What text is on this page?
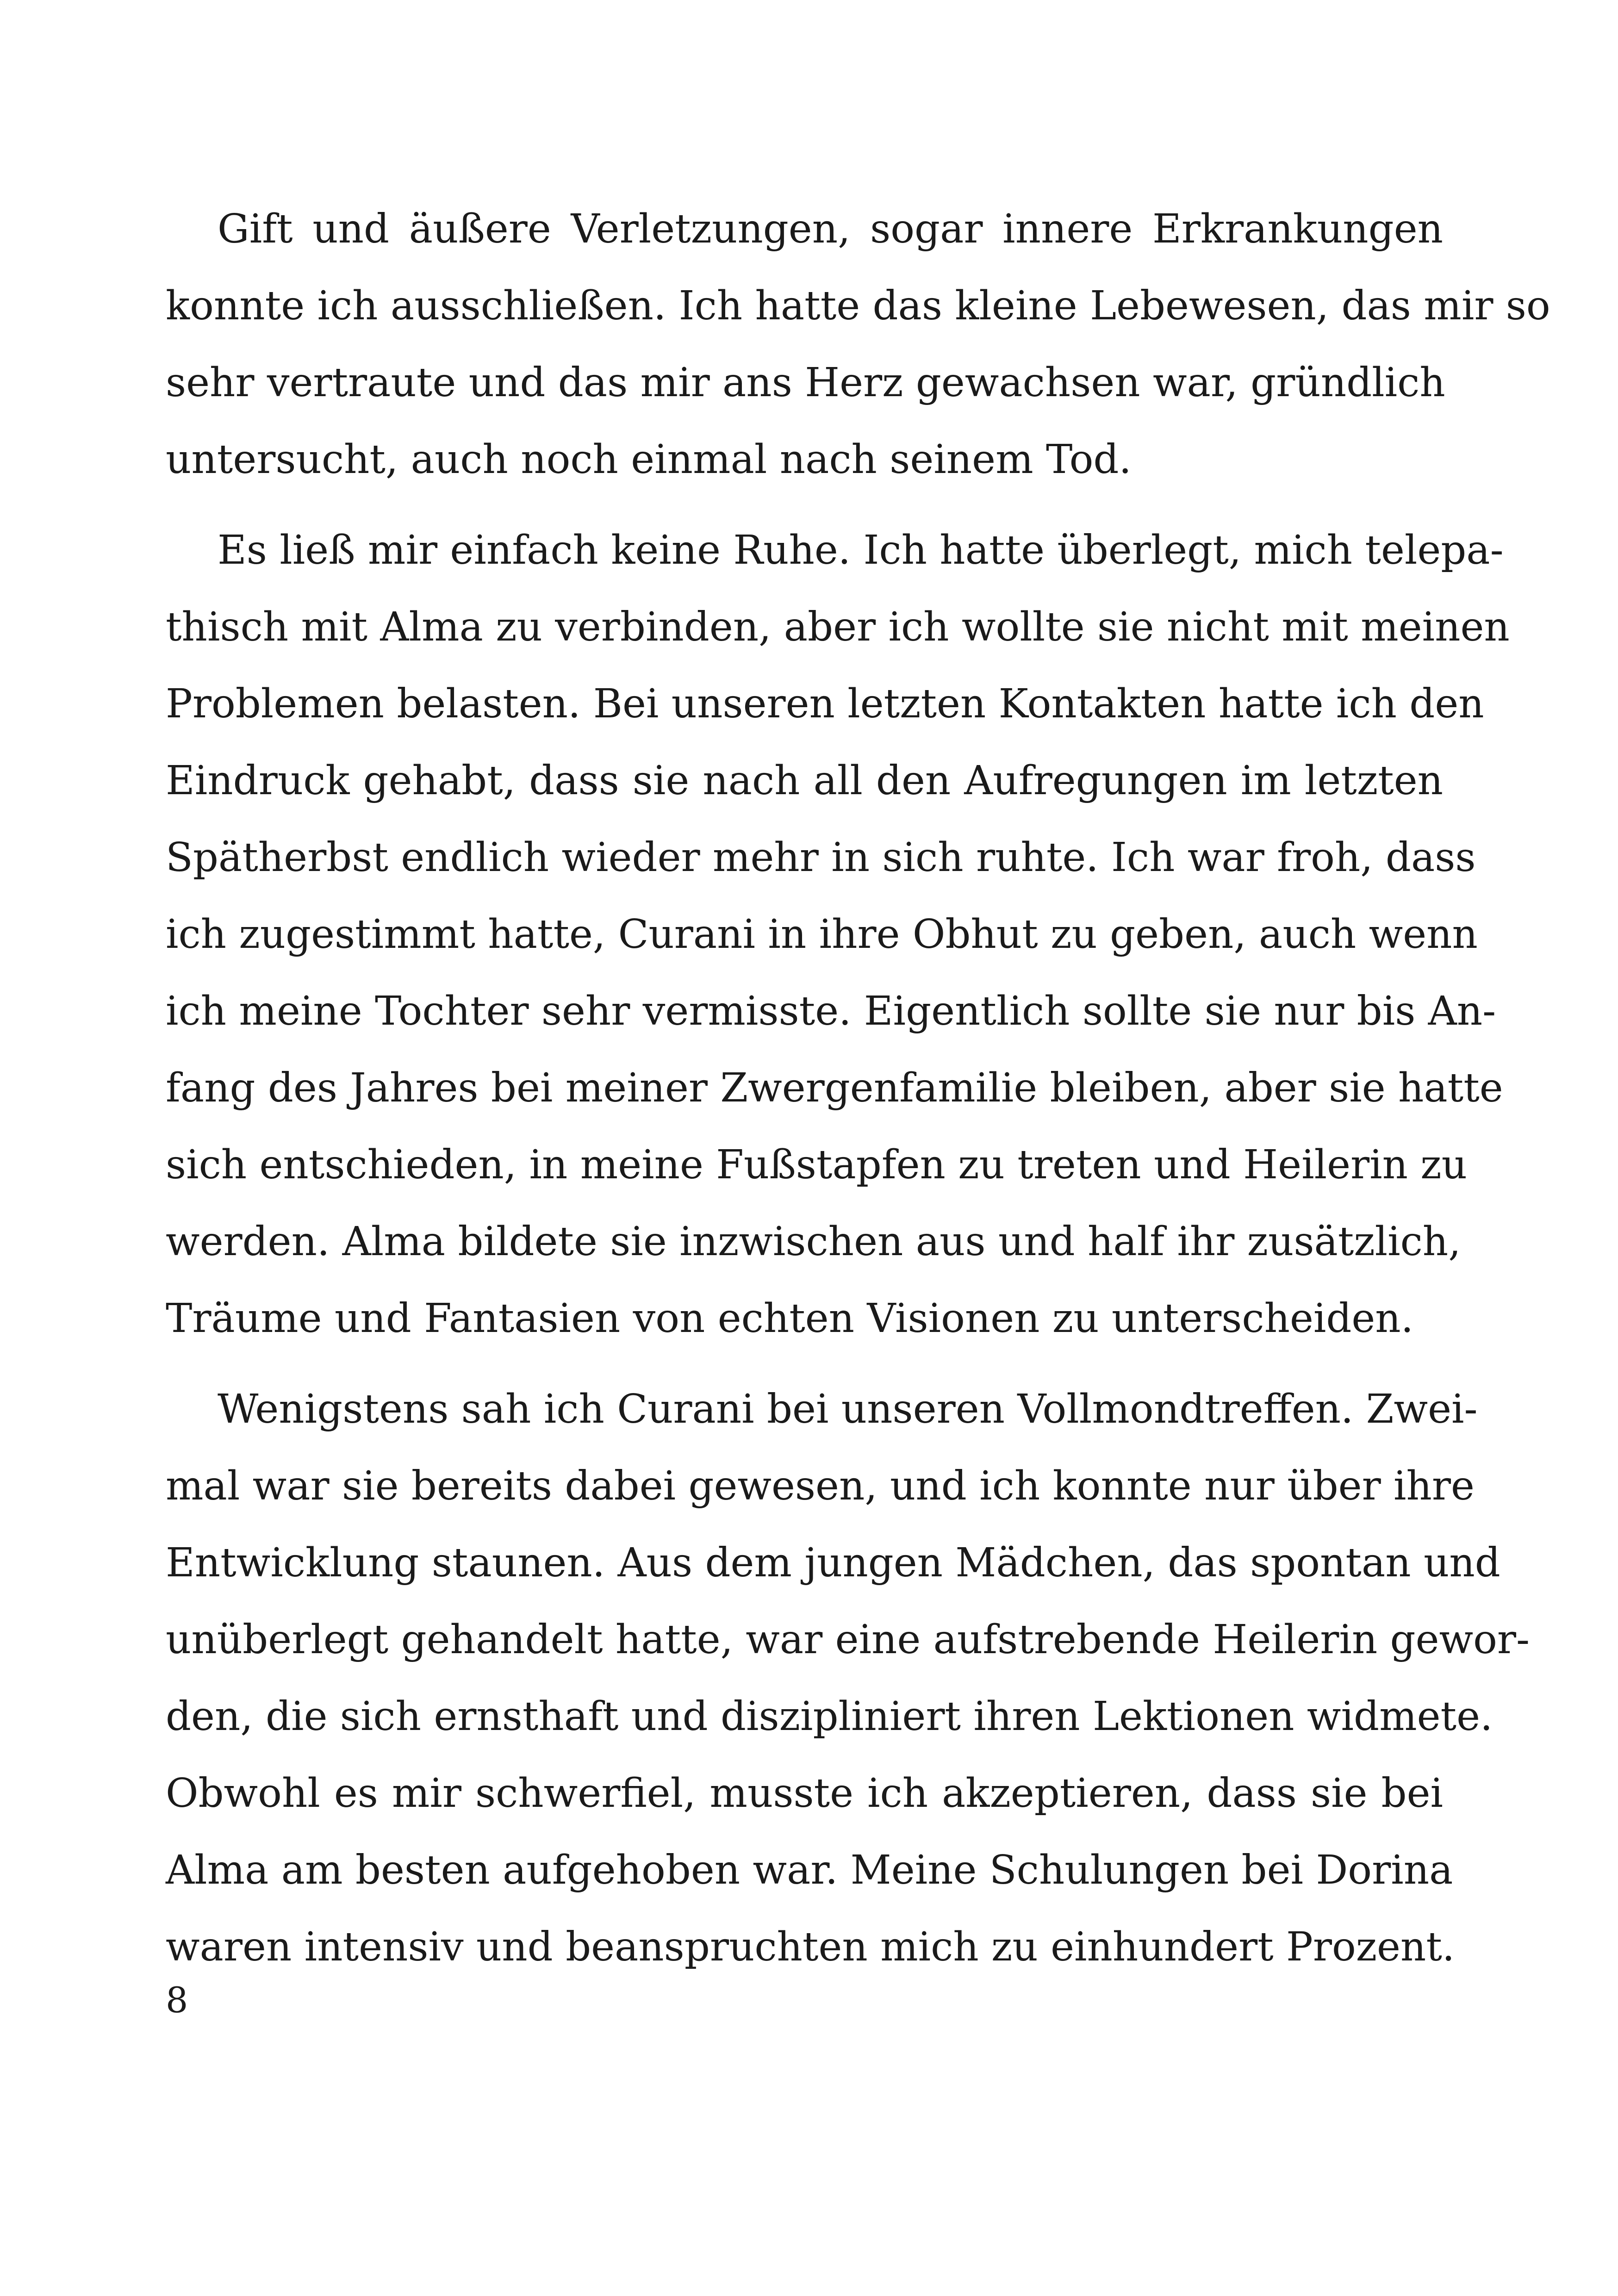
Gift und äußere Verletzungen, sogar innere Erkrankungen
konnte ich ausschließen. Ich hatte das kleine Lebewesen, das mir so
sehr vertraute und das mir ans Herz gewachsen war, gründlich
untersucht, auch noch einmal nach seinem Tod.
Es ließ mir einfach keine Ruhe. Ich hatte überlegt, mich telepa-
thisch mit Alma zu verbinden, aber ich wollte sie nicht mit meinen
Problemen belasten. Bei unseren letzten Kontakten hatte ich den
Eindruck gehabt, dass sie nach all den Aufregungen im letzten
Spätherbst endlich wieder mehr in sich ruhte. Ich war froh, dass
ich zugestimmt hatte, Curani in ihre Obhut zu geben, auch wenn
ich meine Tochter sehr vermisste. Eigentlich sollte sie nur bis An-
fang des Jahres bei meiner Zwergenfamilie bleiben, aber sie hatte
sich entschieden, in meine Fußstapfen zu treten und Heilerin zu
werden. Alma bildete sie inzwischen aus und half ihr zusätzlich,
Träume und Fantasien von echten Visionen zu unterscheiden.
Wenigstens sah ich Curani bei unseren Vollmondtreffen. Zwei-
mal war sie bereits dabei gewesen, und ich konnte nur über ihre
Entwicklung staunen. Aus dem jungen Mädchen, das spontan und
unüberlegt gehandelt hatte, war eine aufstrebende Heilerin gewor-
den, die sich ernsthaft und diszipliniert ihren Lektionen widmete.
Obwohl es mir schwerfiel, musste ich akzeptieren, dass sie bei
Alma am besten aufgehoben war. Meine Schulungen bei Dorina
waren intensiv und beanspruchten mich zu einhundert Prozent.
8
